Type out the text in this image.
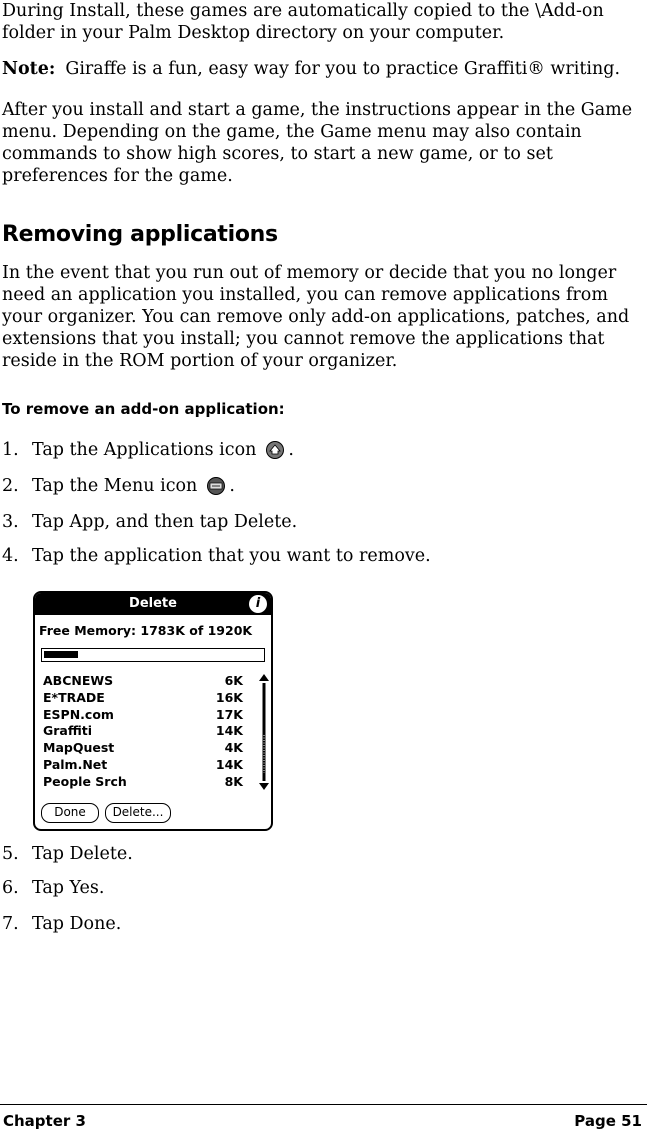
During Install, these games are automatically copied to the \Add-on folder in your Palm Desktop directory on your computer.

Note: Giraffe is a fun, easy way for you to practice Graffiti® writing.

After you install and start a game, the instructions appear in the Game menu. Depending on the game, the Game menu may also contain commands to show high scores, to start a new game, or to set preferences for the game.

Removing applications

In the event that you run out of memory or decide that you no longer need an application you installed, you can remove applications from your organizer. You can remove only add-on applications, patches, and extensions that you install; you cannot remove the applications that reside in the ROM portion of your organizer.

To remove an add-on application:
1. Tap the Applications icon .
2. Tap the Menu icon .
3. Tap App, and then tap Delete.
4. Tap the application that you want to remove.
Delete	i
Free Memory: 1783K of 1920K
ABCNEWS	6K
E*TRADE	16K
ESPN.com	17K
Graffiti	14K
MapQuest	4K
Palm.Net	14K
People Srch	8K
Done	Delete...
5. Tap Delete.
6. Tap Yes.
7. Tap Done.
Chapter 3	Page 51
